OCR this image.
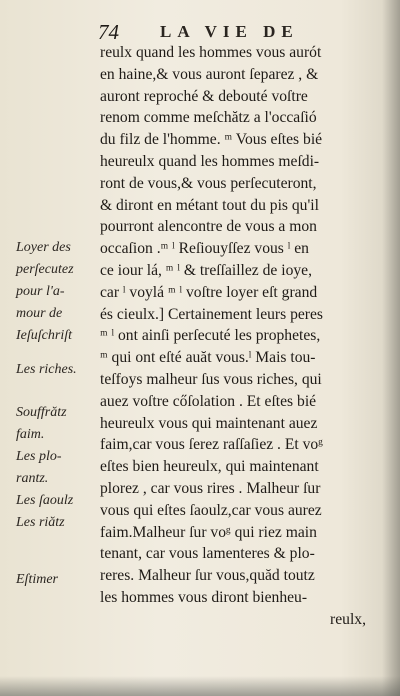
74 LA VIE DE
reulx quand les hommes vous aurót
en haine,& vous auront ſeparez , &
auront reproché & debouté voſtre
renom comme meſchătz a l'occaſió
du filz de l'homme. ᵐ Vous eſtes bié
heureulx quand les hommes meſdi-
ront de vous,& vous perſecuteront,
& diront en métant tout du pis qu'il
pourront alencontre de vous a mon
occaſion .ᵐ ˡ Reſiouyſſez vous ˡ en
ce iour lá, ᵐ ˡ & treſſaillez de ioye,
car ˡ voylá ᵐ ˡ voſtre loyer eſt grand
és cieulx.] Certainement leurs peres
ᵐ ˡ ont ainſi perſecuté les prophetes,
ᵐ qui ont eſté auăt vous.ˡ Mais tou-
teſfoys malheur ſus vous riches, qui
auez voſtre cőſolation . Et eſtes bié
heureulx vous qui maintenant auez
faim,car vous ſerez raſſaſiez . Et voᵍ
eſtes bien heureulx, qui maintenant
plorez , car vous rires . Malheur ſur
vous qui eſtes ſaoulz,car vous aurez
faim.Malheur ſur voᵍ qui riez main
tenant, car vous lamenteres & plo-
reres. Malheur ſur vous,quăd toutz
les hommes vous diront bienheu-
reulx,
Loyer des
perſecutez
pour l'a-
mour de
Ieſuſchriſt
Les riches.
Souffrătz
faim.
Les plo-
rantz.
Les ſaoulz
Les riătz
Eſtimer
